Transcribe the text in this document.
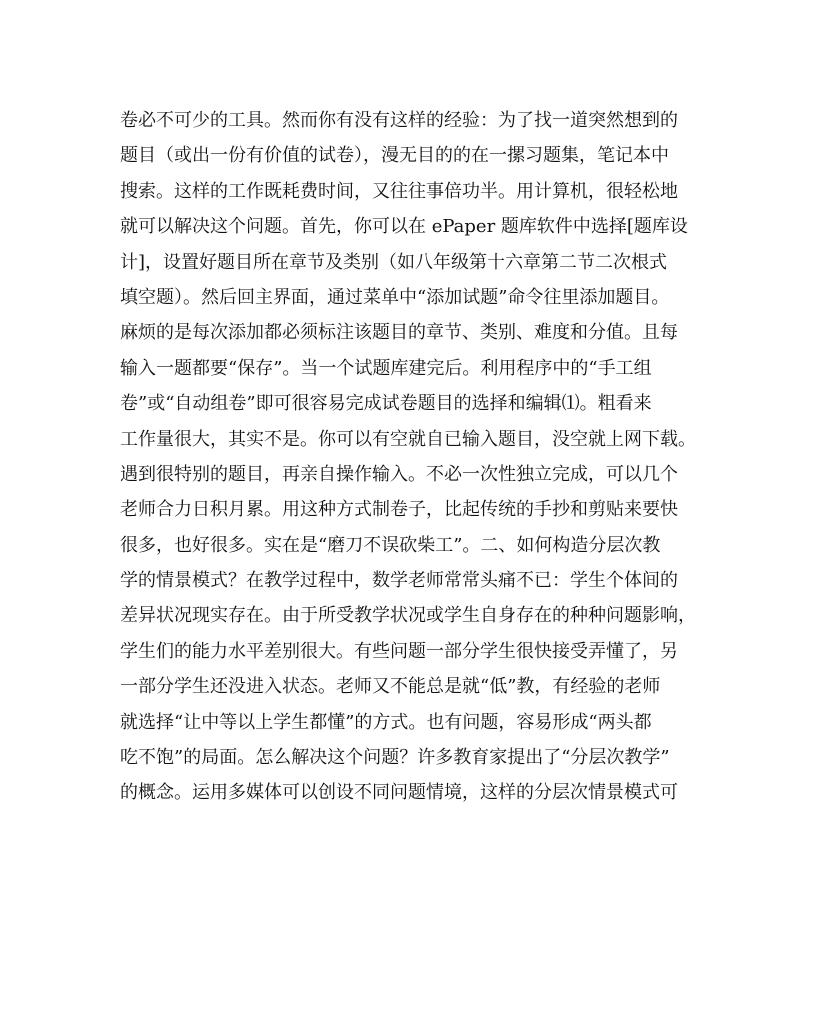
卷必不可少的工具。然而你有没有这样的经验：为了找一道突然想到的
题目（或出一份有价值的试卷），漫无目的的在一摞习题集，笔记本中
搜索。这样的工作既耗费时间，又往往事倍功半。用计算机，很轻松地
就可以解决这个问题。首先，你可以在 ePaper 题库软件中选择[题库设
计]，设置好题目所在章节及类别（如八年级第十六章第二节二次根式
填空题）。然后回主界面，通过菜单中“添加试题”命令往里添加题目。
麻烦的是每次添加都必须标注该题目的章节、类别、难度和分值。且每
输入一题都要“保存”。当一个试题库建完后。利用程序中的“手工组
卷”或“自动组卷”即可很容易完成试卷题目的选择和编辑⑴。粗看来
工作量很大，其实不是。你可以有空就自已输入题目，没空就上网下载。
遇到很特别的题目，再亲自操作输入。不必一次性独立完成，可以几个
老师合力日积月累。用这种方式制卷子，比起传统的手抄和剪贴来要快
很多，也好很多。实在是“磨刀不误砍柴工”。二、如何构造分层次教
学的情景模式？在教学过程中，数学老师常常头痛不已：学生个体间的
差异状况现实存在。由于所受教学状况或学生自身存在的种种问题影响，
学生们的能力水平差别很大。有些问题一部分学生很快接受弄懂了，另
一部分学生还没进入状态。老师又不能总是就“低”教，有经验的老师
就选择“让中等以上学生都懂”的方式。也有问题，容易形成“两头都
吃不饱”的局面。怎么解决这个问题？许多教育家提出了“分层次教学”
的概念。运用多媒体可以创设不同问题情境，这样的分层次情景模式可
